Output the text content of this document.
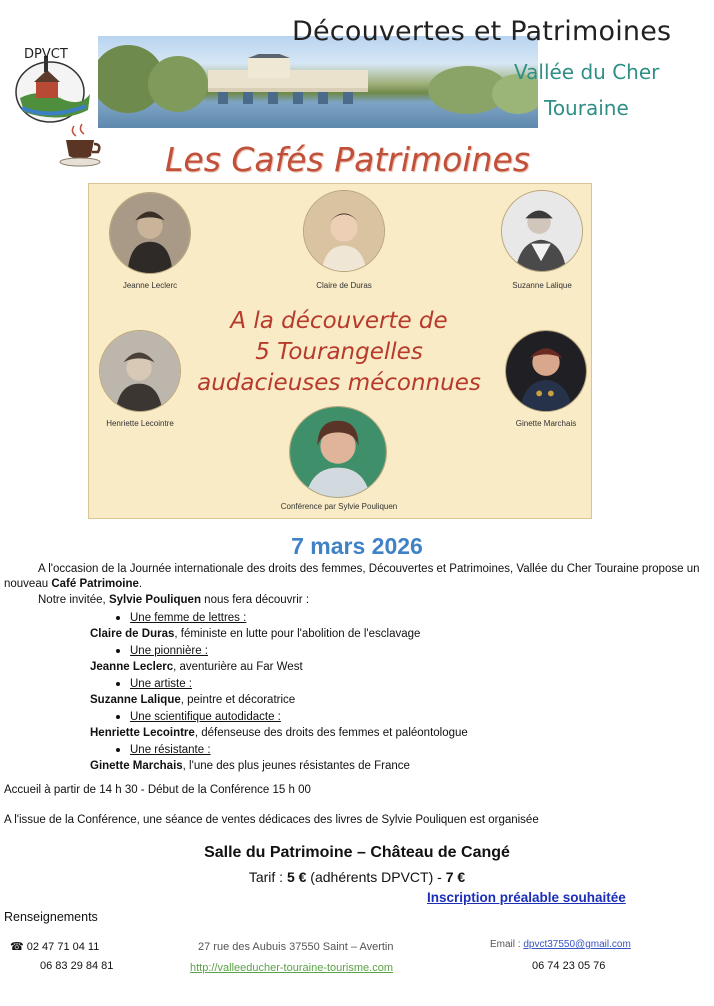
DPVCT
Découvertes et Patrimoines
Vallée du Cher
Touraine
Les Cafés Patrimoines
Jeanne Leclerc	Claire de Duras	Suzanne Lalique
Henriette Lecointre	Ginette Marchais
A la découverte de
5 Tourangelles
audacieuses méconnues
Conférence par Sylvie Pouliquen
7 mars 2026
A l'occasion de la Journée internationale des droits des femmes, Découvertes et Patrimoines, Vallée du Cher Touraine propose un nouveau Café Patrimoine.
Notre invitée, Sylvie Pouliquen nous fera découvrir :
Une femme de lettres :
Claire de Duras, féministe en lutte pour l'abolition de l'esclavage
Une pionnière :
Jeanne Leclerc, aventurière au Far West
Une artiste :
Suzanne Lalique, peintre et décoratrice
Une scientifique autodidacte :
Henriette Lecointre, défenseuse des droits des femmes et paléontologue
Une résistante :
Ginette Marchais, l'une des plus jeunes résistantes de France
Accueil à partir de 14 h 30 - Début de la Conférence 15 h 00
A l'issue de la Conférence, une séance de ventes dédicaces des livres de Sylvie Pouliquen est organisée
Salle du Patrimoine – Château de Cangé
Tarif : 5 € (adhérents DPVCT) - 7 €
Inscription préalable souhaitée
Renseignements
☎ 02 47 71 04 11
06 83 29 84 81
27 rue des Aubuis 37550 Saint – Avertin
http://valleeducher-touraine-tourisme.com
Email : dpvct37550@gmail.com
06 74 23 05 76
